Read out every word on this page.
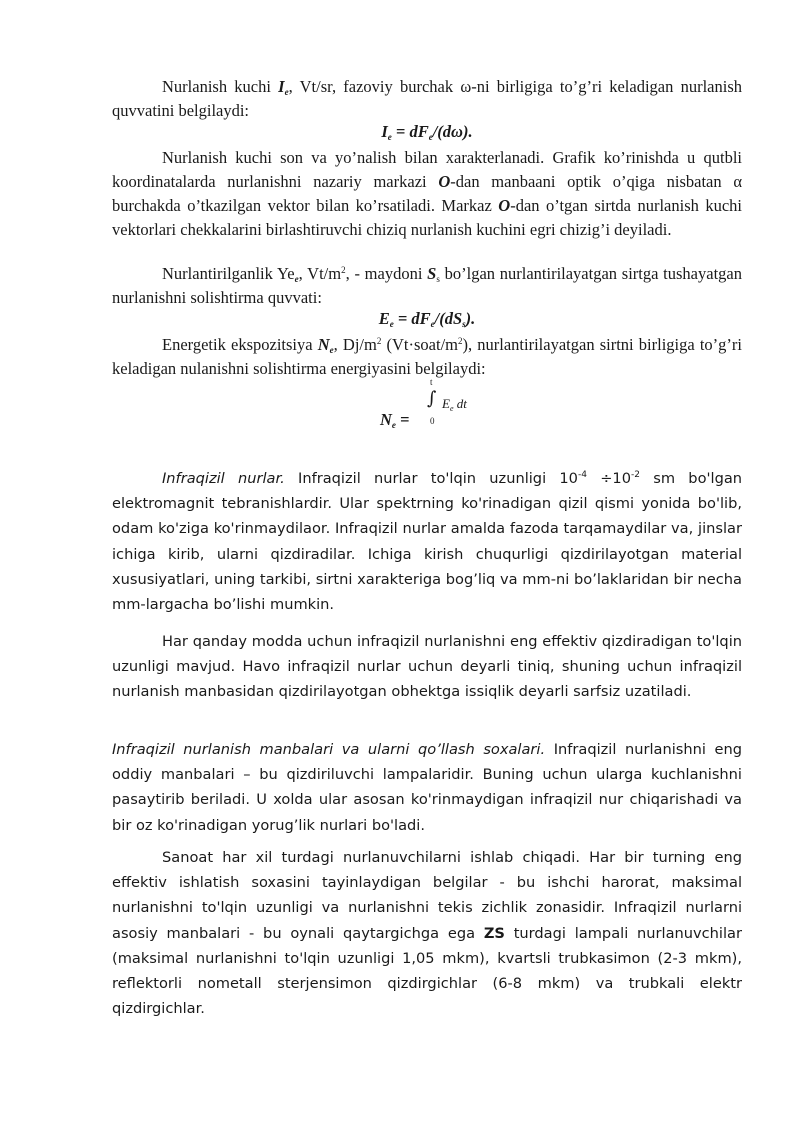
Nurlanish kuchi $I_e$, Vt/sr, fazoviy burchak ω-ni birligiga to’g’ri keladigan nurlanish quvvatini belgilaydi:

$I_e = dF_e/(d\omega)$.

Nurlanish kuchi son va yo’nalish bilan xarakterlanadi. Grafik ko’rinishda u qutbli koordinatalarda nurlanishni nazariy markazi O-dan manbaani optik o’qiga nisbatan α burchakda o’tkazilgan vektor bilan ko’rsatiladi. Markaz O-dan o’tgan sirtda nurlanish kuchi vektorlari chekkalarini birlashtiruvchi chiziq nurlanish kuchini egri chizig’i deyiladi.

Nurlantirilganlik $Ye_e$, $Vt/m^2$, - maydoni $S_s$ bo’lgan nurlantirilayatgan sirtga tushayatgan nurlanishni solishtirma quvvati:

$E_e = dF_e/(dS_s)$.

Energetik ekspozitsiya $N_e$, $Dj/m^2$ $(Vt\cdot soat/m^2)$, nurlantirilayatgan sirtni birligiga to’g’ri keladigan nulanishni solishtirma energiyasini belgilaydi:

$N_e$ =
t
∫
0
$E_e$ dt

Infraqizil nurlar. Infraqizil nurlar to'lqin uzunligi $10^{-4} \div 10^{-2}$ sm bo'lgan elektromagnit tebranishlardir. Ular spektrning ko'rinadigan qizil qismi yonida bo'lib, odam ko'ziga ko'rinmaydilaor. Infraqizil nurlar amalda fazoda tarqamaydilar va, jinslar ichiga kirib, ularni qizdiradilar. Ichiga kirish chuqurligi qizdirilayotgan material xususiyatlari, uning tarkibi, sirtni xarakteriga bog’liq va mm-ni bo’laklaridan bir necha mm-largacha bo’lishi mumkin.

Har qanday modda uchun infraqizil nurlanishni eng effektiv qizdiradigan to'lqin uzunligi mavjud. Havo infraqizil nurlar uchun deyarli tiniq, shuning uchun infraqizil nurlanish manbasidan qizdirilayotgan obhektga issiqlik deyarli sarfsiz uzatiladi.

Infraqizil nurlanish manbalari va ularni qo’llash soxalari. Infraqizil nurlanishni eng oddiy manbalari – bu qizdiriluvchi lampalaridir. Buning uchun ularga kuchlanishni pasaytirib beriladi. U xolda ular asosan ko'rinmaydigan infraqizil nur chiqarishadi va bir oz ko'rinadigan yorug’lik nurlari bo'ladi.

Sanoat har xil turdagi nurlanuvchilarni ishlab chiqadi. Har bir turning eng effektiv ishlatish soxasini tayinlaydigan belgilar - bu ishchi harorat, maksimal nurlanishni to'lqin uzunligi va nurlanishni tekis zichlik zonasidir. Infraqizil nurlarni asosiy manbalari - bu oynali qaytargichga ega ZS turdagi lampali nurlanuvchilar (maksimal nurlanishni to'lqin uzunligi 1,05 mkm), kvartsli trubkasimon (2-3 mkm), reflektorli nometall sterjensimon qizdirgichlar (6-8 mkm) va trubkali elektr qizdirgichlar.
